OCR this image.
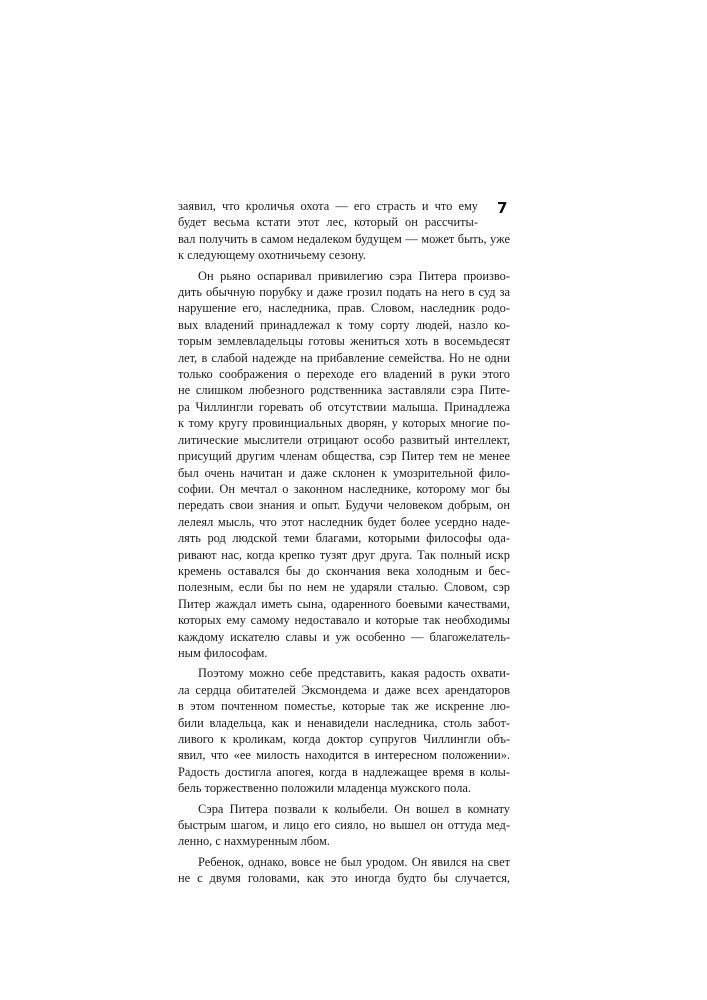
7

заявил, что кроличья охота — его страсть и что ему
будет весьма кстати этот лес, который он рассчиты-
вал получить в самом недалеком будущем — может быть, уже
к следующему охотничьему сезону.

Он рьяно оспаривал привилегию сэра Питера произво-
дить обычную порубку и даже грозил подать на него в суд за
нарушение его, наследника, прав. Словом, наследник родо-
вых владений принадлежал к тому сорту людей, назло ко-
торым землевладельцы готовы жениться хоть в восемьдесят
лет, в слабой надежде на прибавление семейства. Но не одни
только соображения о переходе его владений в руки этого
не слишком любезного родственника заставляли сэра Пите-
ра Чиллингли горевать об отсутствии малыша. Принадлежа
к тому кругу провинциальных дворян, у которых многие по-
литические мыслители отрицают особо развитый интеллект,
присущий другим членам общества, сэр Питер тем не менее
был очень начитан и даже склонен к умозрительной фило-
софии. Он мечтал о законном наследнике, которому мог бы
передать свои знания и опыт. Будучи человеком добрым, он
лелеял мысль, что этот наследник будет более усердно наде-
лять род людской теми благами, которыми философы ода-
ривают нас, когда крепко тузят друг друга. Так полный искр
кремень оставался бы до скончания века холодным и бес-
полезным, если бы по нем не ударяли сталью. Словом, сэр
Питер жаждал иметь сына, одаренного боевыми качествами,
которых ему самому недоставало и которые так необходимы
каждому искателю славы и уж особенно — благожелатель-
ным философам.

Поэтому можно себе представить, какая радость охвати-
ла сердца обитателей Эксмондема и даже всех арендаторов
в этом почтенном поместье, которые так же искренне лю-
били владельца, как и ненавидели наследника, столь забот-
ливого к кроликам, когда доктор супругов Чиллингли объ-
явил, что «ее милость находится в интересном положении».
Радость достигла апогея, когда в надлежащее время в колы-
бель торжественно положили младенца мужского пола.

Сэра Питера позвали к колыбели. Он вошел в комнату
быстрым шагом, и лицо его сияло, но вышел он оттуда мед-
ленно, с нахмуренным лбом.

Ребенок, однако, вовсе не был уродом. Он явился на свет
не с двумя головами, как это иногда будто бы случается,
